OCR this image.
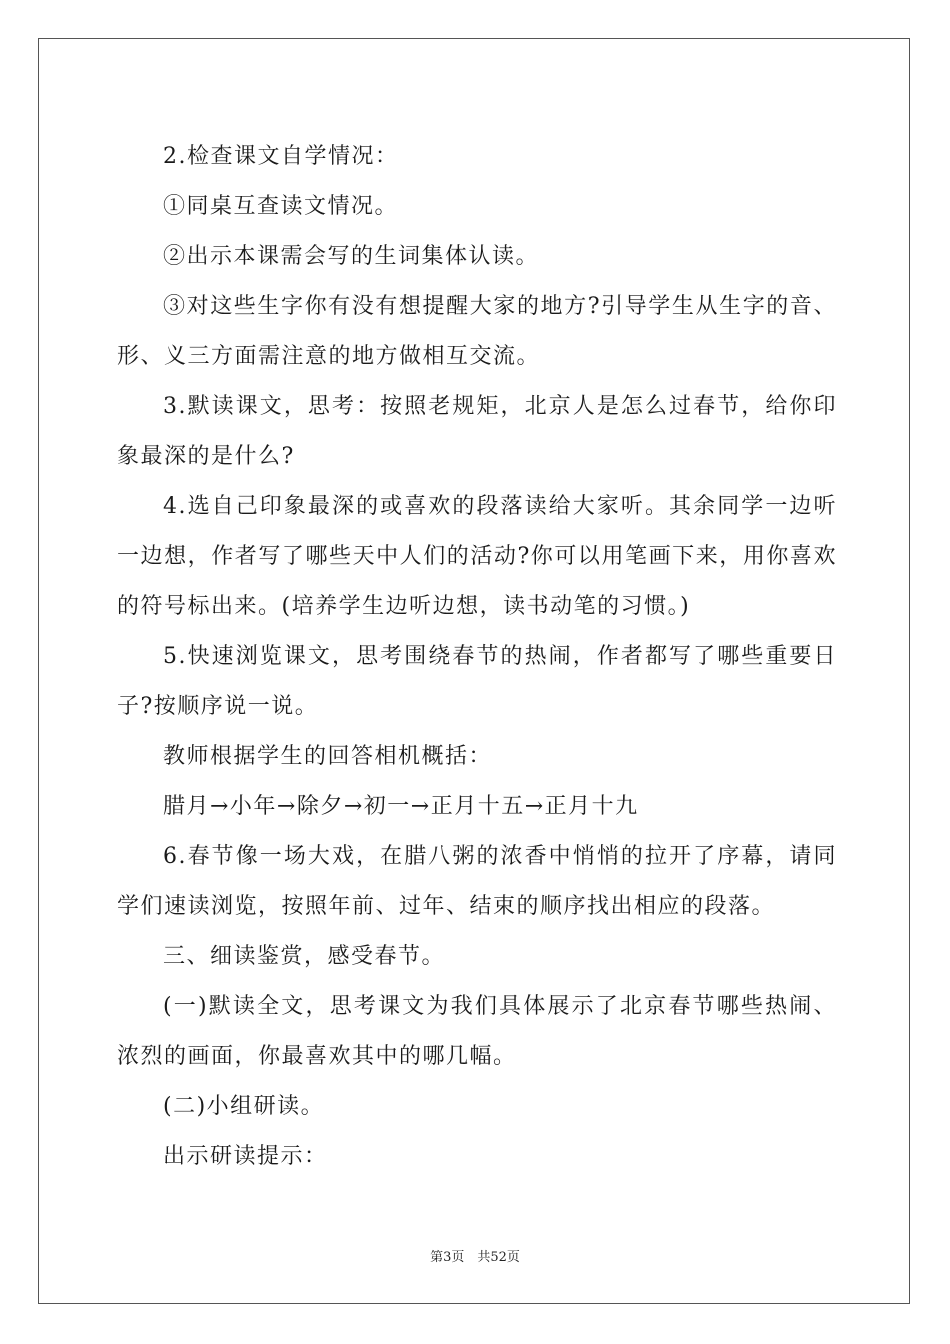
2.检查课文自学情况：

①同桌互查读文情况。

②出示本课需会写的生词集体认读。

③对这些生字你有没有想提醒大家的地方?引导学生从生字的音、形、义三方面需注意的地方做相互交流。

3.默读课文，思考：按照老规矩，北京人是怎么过春节，给你印象最深的是什么?

4.选自己印象最深的或喜欢的段落读给大家听。其余同学一边听一边想，作者写了哪些天中人们的活动?你可以用笔画下来，用你喜欢的符号标出来。(培养学生边听边想，读书动笔的习惯。)

5.快速浏览课文，思考围绕春节的热闹，作者都写了哪些重要日子?按顺序说一说。

教师根据学生的回答相机概括：

腊月→小年→除夕→初一→正月十五→正月十九

6.春节像一场大戏，在腊八粥的浓香中悄悄的拉开了序幕，请同学们速读浏览，按照年前、过年、结束的顺序找出相应的段落。

三、细读鉴赏，感受春节。

(一)默读全文，思考课文为我们具体展示了北京春节哪些热闹、浓烈的画面，你最喜欢其中的哪几幅。

(二)小组研读。

出示研读提示：

第3页　共52页
